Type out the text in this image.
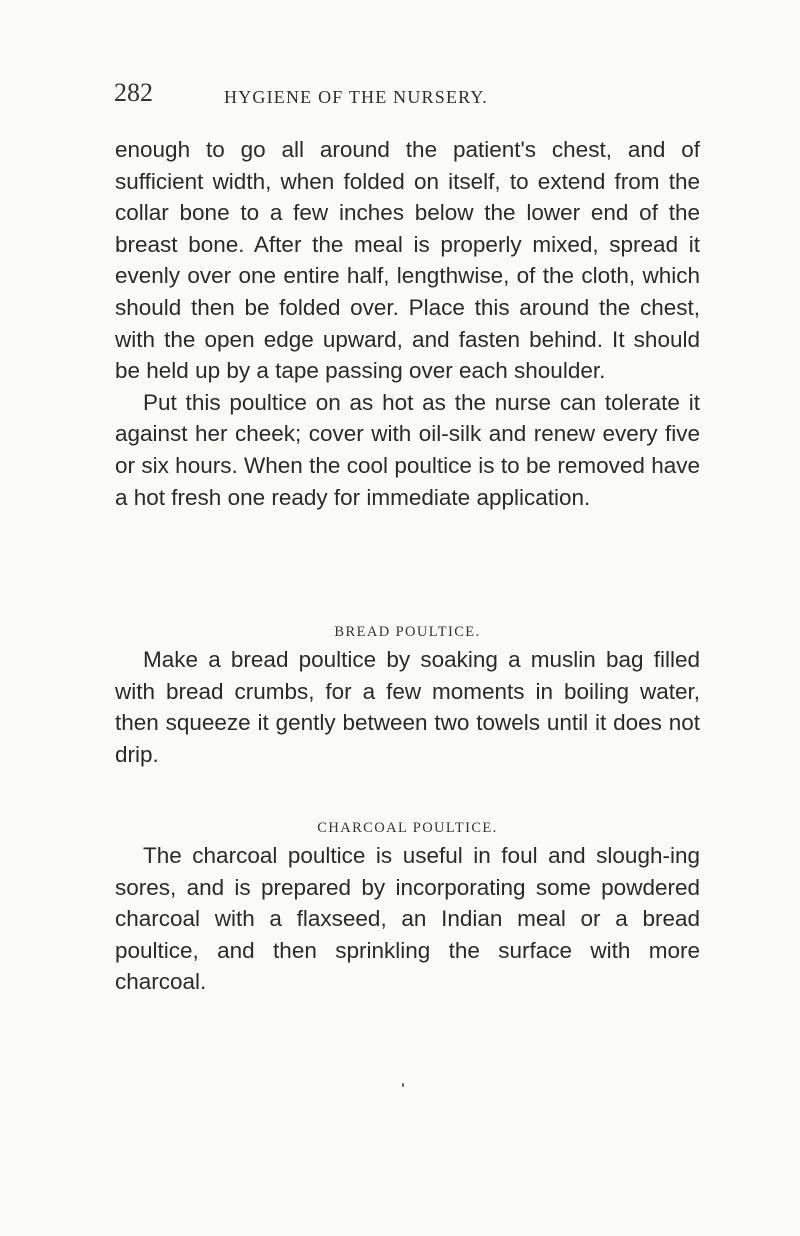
282	HYGIENE OF THE NURSERY.

enough to go all around the patient's chest, and of sufficient width, when folded on itself, to extend from the collar bone to a few inches below the lower end of the breast bone. After the meal is properly mixed, spread it evenly over one entire half, lengthwise, of the cloth, which should then be folded over. Place this around the chest, with the open edge upward, and fasten behind. It should be held up by a tape passing over each shoulder.

Put this poultice on as hot as the nurse can tolerate it against her cheek; cover with oil-silk and renew every five or six hours. When the cool poultice is to be removed have a hot fresh one ready for immediate application.

BREAD POULTICE.

Make a bread poultice by soaking a muslin bag filled with bread crumbs, for a few moments in boiling water, then squeeze it gently between two towels until it does not drip.

CHARCOAL POULTICE.

The charcoal poultice is useful in foul and slough-ing sores, and is prepared by incorporating some powdered charcoal with a flaxseed, an Indian meal or a bread poultice, and then sprinkling the surface with more charcoal.
